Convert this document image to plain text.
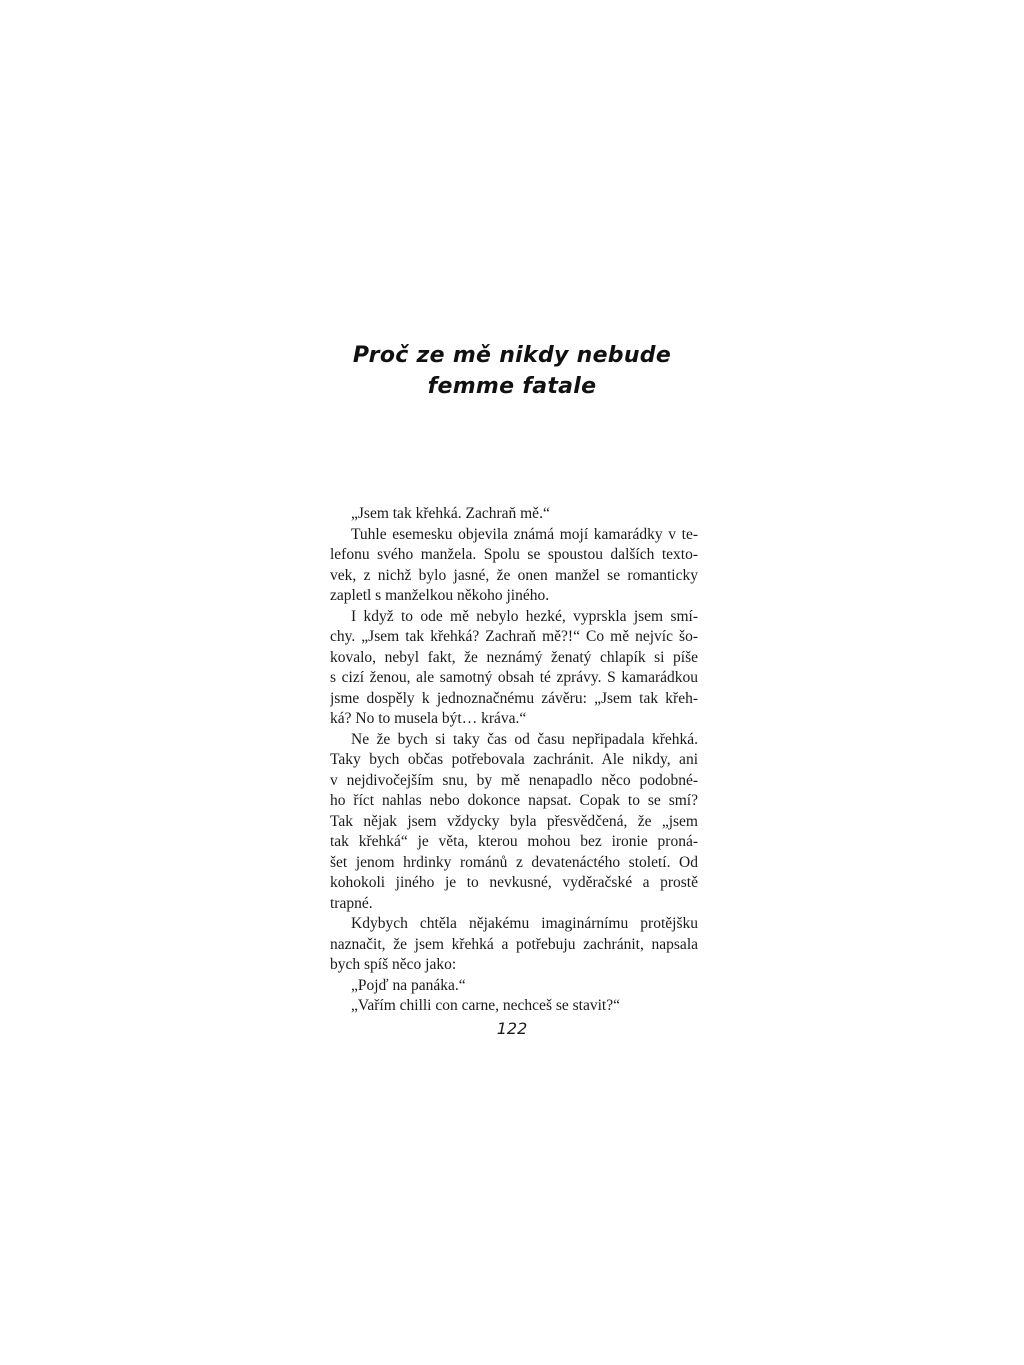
Proč ze mě nikdy nebude
femme fatale
„Jsem tak křehká. Zachraň mě.“
Tuhle esemesku objevila známá mojí kamarádky v te-
lefonu svého manžela. Spolu se spoustou dalších texto-
vek, z nichž bylo jasné, že onen manžel se romanticky
zapletl s manželkou někoho jiného.
I když to ode mě nebylo hezké, vyprskla jsem smí-
chy. „Jsem tak křehká? Zachraň mě?!“ Co mě nejvíc šo-
kovalo, nebyl fakt, že neznámý ženatý chlapík si píše
s cizí ženou, ale samotný obsah té zprávy. S kamarádkou
jsme dospěly k jednoznačnému závěru: „Jsem tak křeh-
ká? No to musela být… kráva.“
Ne že bych si taky čas od času nepřipadala křehká.
Taky bych občas potřebovala zachránit. Ale nikdy, ani
v nejdivočejším snu, by mě nenapadlo něco podobné-
ho říct nahlas nebo dokonce napsat. Copak to se smí?
Tak nějak jsem vždycky byla přesvědčená, že „jsem
tak křehká“ je věta, kterou mohou bez ironie proná-
šet jenom hrdinky románů z devatenáctého století. Od
kohokoli jiného je to nevkusné, vyděračské a prostě
trapné.
Kdybych chtěla nějakému imaginárnímu protějšku
naznačit, že jsem křehká a potřebuju zachránit, napsala
bych spíš něco jako:
„Pojď na panáka.“
„Vařím chilli con carne, nechceš se stavit?“
122
